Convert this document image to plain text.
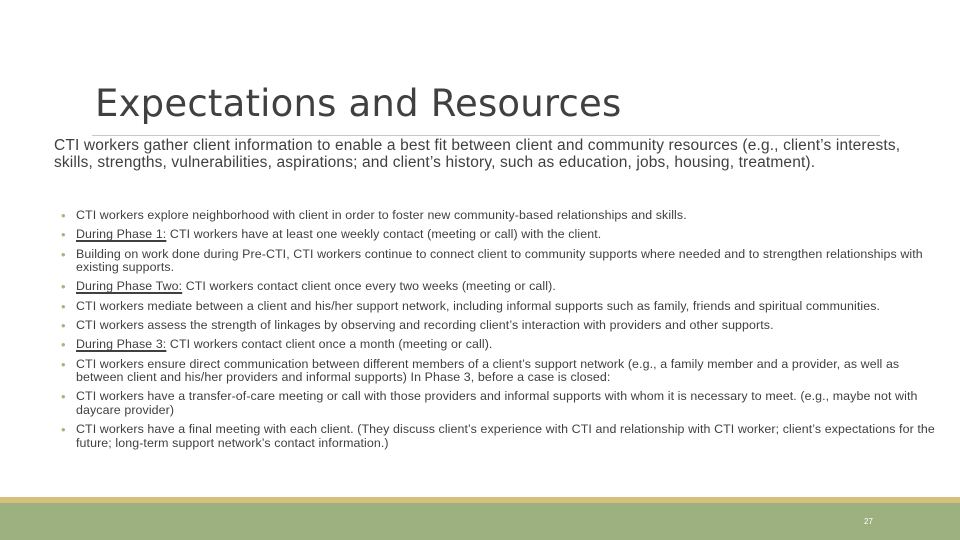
Expectations and Resources
CTI workers gather client information to enable a best fit between client and community resources (e.g., client’s interests, skills, strengths, vulnerabilities, aspirations; and client’s history, such as education, jobs, housing, treatment).
• CTI workers explore neighborhood with client in order to foster new community-based relationships and skills.
• During Phase 1: CTI workers have at least one weekly contact (meeting or call) with the client.
• Building on work done during Pre-CTI, CTI workers continue to connect client to community supports where needed and to strengthen relationships with existing supports.
• During Phase Two: CTI workers contact client once every two weeks (meeting or call).
• CTI workers mediate between a client and his/her support network, including informal supports such as family, friends and spiritual communities.
• CTI workers assess the strength of linkages by observing and recording client’s interaction with providers and other supports.
• During Phase 3: CTI workers contact client once a month (meeting or call).
• CTI workers ensure direct communication between different members of a client’s support network (e.g., a family member and a provider, as well as between client and his/her providers and informal supports) In Phase 3, before a case is closed:
• CTI workers have a transfer-of-care meeting or call with those providers and informal supports with whom it is necessary to meet. (e.g., maybe not with daycare provider)
• CTI workers have a final meeting with each client. (They discuss client’s experience with CTI and relationship with CTI worker; client’s expectations for the future; long-term support network’s contact information.)
27
